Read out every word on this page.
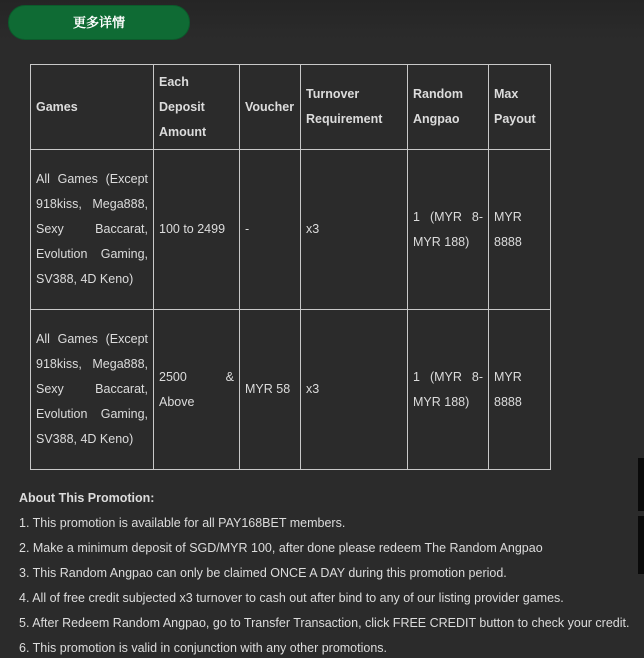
更多详情
Games	Each Deposit Amount	Voucher	Turnover Requirement	Random Angpao	Max Payout
All Games (Except 918kiss, Mega888, Sexy Baccarat, Evolution Gaming, SV388, 4D Keno)	100 to 2499	-	x3	1 (MYR 8-MYR 188)	MYR 8888
All Games (Except 918kiss, Mega888, Sexy Baccarat, Evolution Gaming, SV388, 4D Keno)	2500 & Above	MYR 58	x3	1 (MYR 8-MYR 188)	MYR 8888
About This Promotion:
1. This promotion is available for all PAY168BET members.
2. Make a minimum deposit of SGD/MYR 100, after done please redeem The Random Angpao
3. This Random Angpao can only be claimed ONCE A DAY during this promotion period.
4. All of free credit subjected x3 turnover to cash out after bind to any of our listing provider games.
5. After Redeem Random Angpao, go to Transfer Transaction, click FREE CREDIT button to check your credit.
6. This promotion is valid in conjunction with any other promotions.
